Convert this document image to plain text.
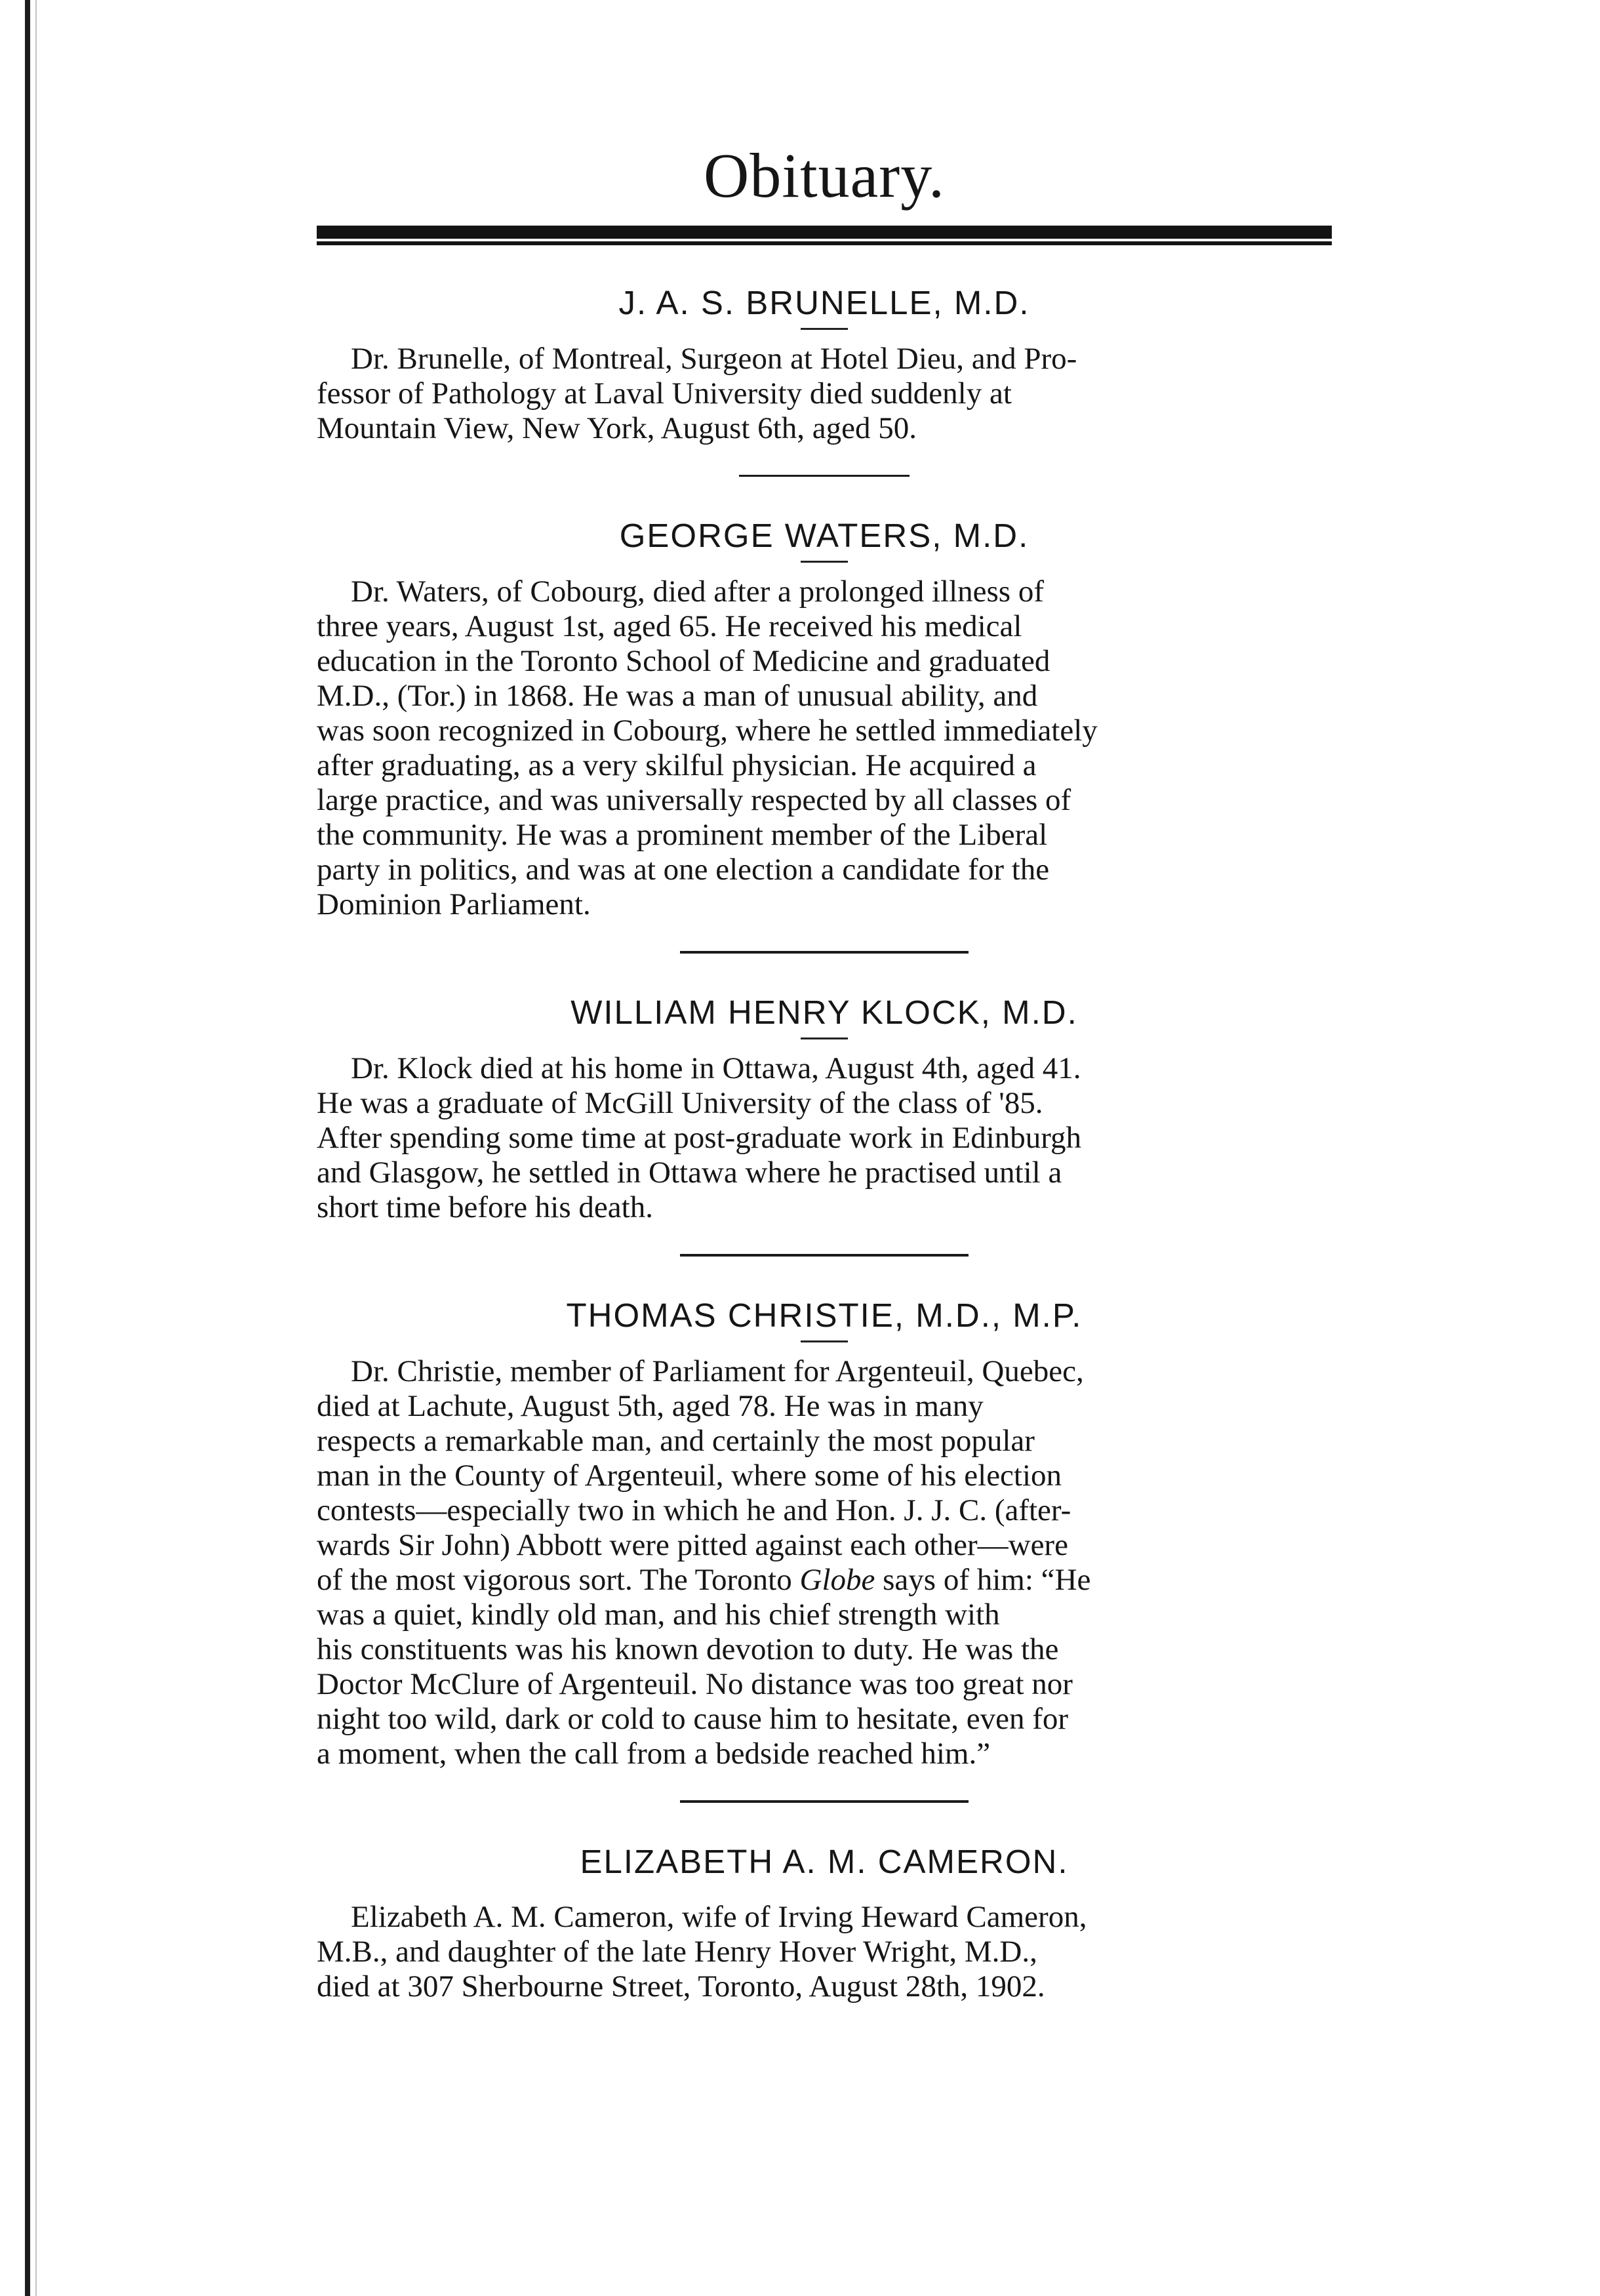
Obituary.
J. A. S. BRUNELLE, M.D.

Dr. Brunelle, of Montreal, Surgeon at Hotel Dieu, and Pro-
fessor of Pathology at Laval University died suddenly at
Mountain View, New York, August 6th, aged 50.

GEORGE WATERS, M.D.

Dr. Waters, of Cobourg, died after a prolonged illness of
three years, August 1st, aged 65. He received his medical
education in the Toronto School of Medicine and graduated
M.D., (Tor.) in 1868. He was a man of unusual ability, and
was soon recognized in Cobourg, where he settled immediately
after graduating, as a very skilful physician. He acquired a
large practice, and was universally respected by all classes of
the community. He was a prominent member of the Liberal
party in politics, and was at one election a candidate for the
Dominion Parliament.

WILLIAM HENRY KLOCK, M.D.

Dr. Klock died at his home in Ottawa, August 4th, aged 41.
He was a graduate of McGill University of the class of '85.
After spending some time at post-graduate work in Edinburgh
and Glasgow, he settled in Ottawa where he practised until a
short time before his death.

THOMAS CHRISTIE, M.D., M.P.

Dr. Christie, member of Parliament for Argenteuil, Quebec,
died at Lachute, August 5th, aged 78. He was in many
respects a remarkable man, and certainly the most popular
man in the County of Argenteuil, where some of his election
contests—especially two in which he and Hon. J. J. C. (after-
wards Sir John) Abbott were pitted against each other—were
of the most vigorous sort. The Toronto Globe says of him: “He
was a quiet, kindly old man, and his chief strength with
his constituents was his known devotion to duty. He was the
Doctor McClure of Argenteuil. No distance was too great nor
night too wild, dark or cold to cause him to hesitate, even for
a moment, when the call from a bedside reached him.”

ELIZABETH A. M. CAMERON.

Elizabeth A. M. Cameron, wife of Irving Heward Cameron,
M.B., and daughter of the late Henry Hover Wright, M.D.,
died at 307 Sherbourne Street, Toronto, August 28th, 1902.
